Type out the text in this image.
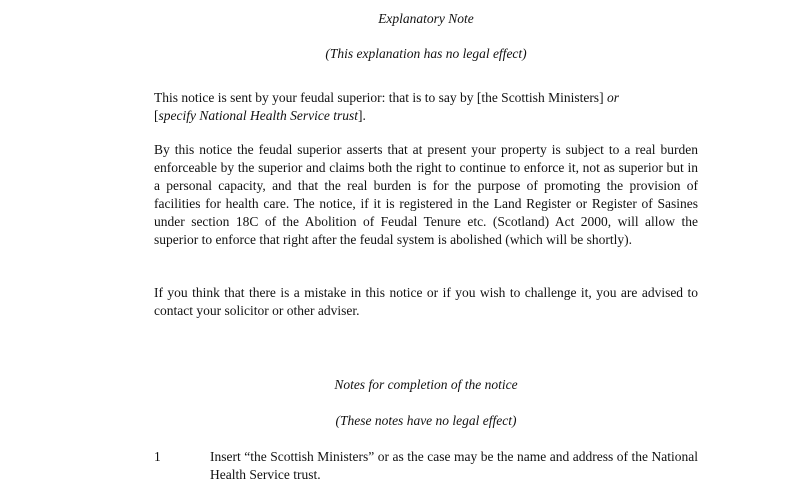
Explanatory Note
(This explanation has no legal effect)

This notice is sent by your feudal superior: that is to say by [the Scottish Ministers] or
[specify National Health Service trust].

By this notice the feudal superior asserts that at present your property is subject to a real burden enforceable by the superior and claims both the right to continue to enforce it, not as superior but in a personal capacity, and that the real burden is for the purpose of promoting the provision of facilities for health care. The notice, if it is registered in the Land Register or Register of Sasines under section 18C of the Abolition of Feudal Tenure etc. (Scotland) Act 2000, will allow the superior to enforce that right after the feudal system is abolished (which will be shortly).

If you think that there is a mistake in this notice or if you wish to challenge it, you are advised to contact your solicitor or other adviser.

Notes for completion of the notice
(These notes have no legal effect)
1	Insert “the Scottish Ministers” or as the case may be the name and address of the National Health Service trust.
